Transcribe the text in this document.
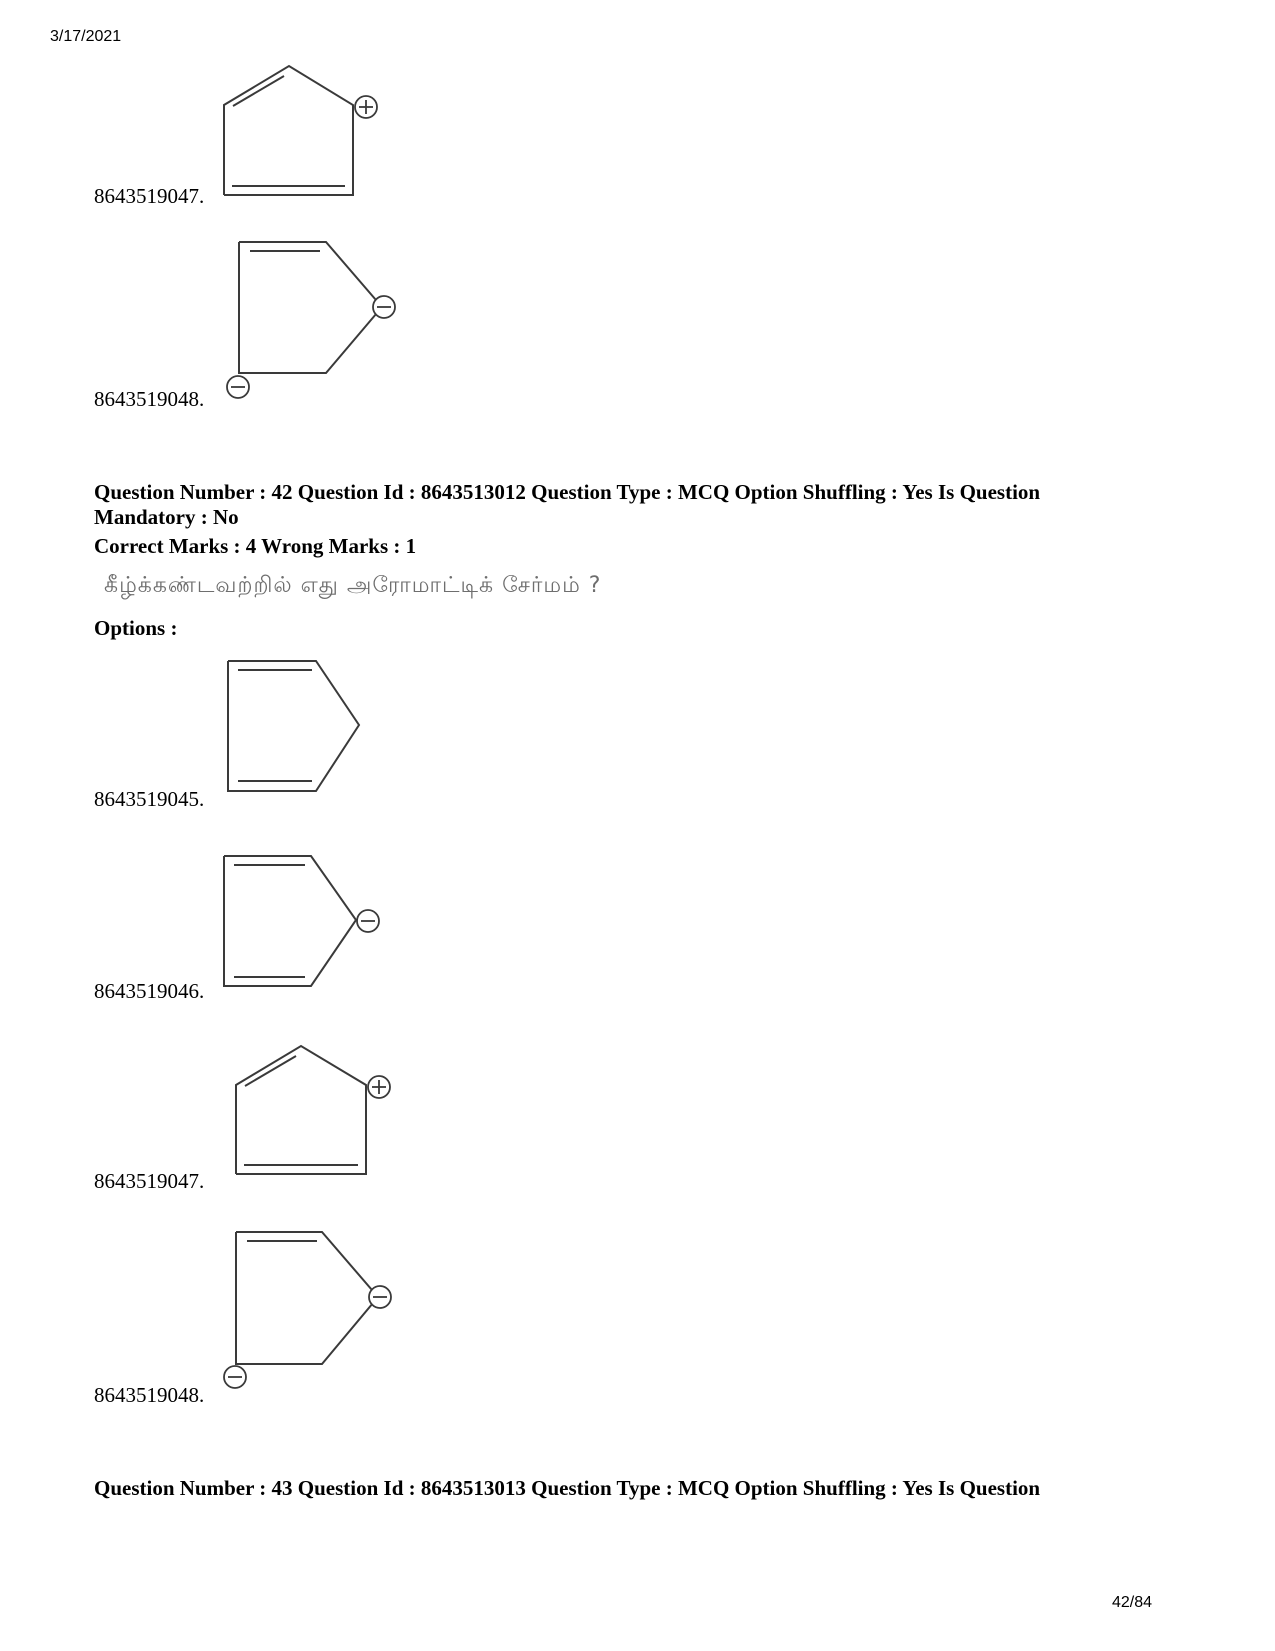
3/17/2021
8643519047.
8643519048.
Question Number : 42 Question Id : 8643513012 Question Type : MCQ Option Shuffling : Yes Is Question
Mandatory : No
Correct Marks : 4 Wrong Marks : 1
கீழ்க்கண்டவற்றில் எது அரோமாட்டிக் சேர்மம் ?
Options :
8643519045.
8643519046.
8643519047.
8643519048.
Question Number : 43 Question Id : 8643513013 Question Type : MCQ Option Shuffling : Yes Is Question
42/84
